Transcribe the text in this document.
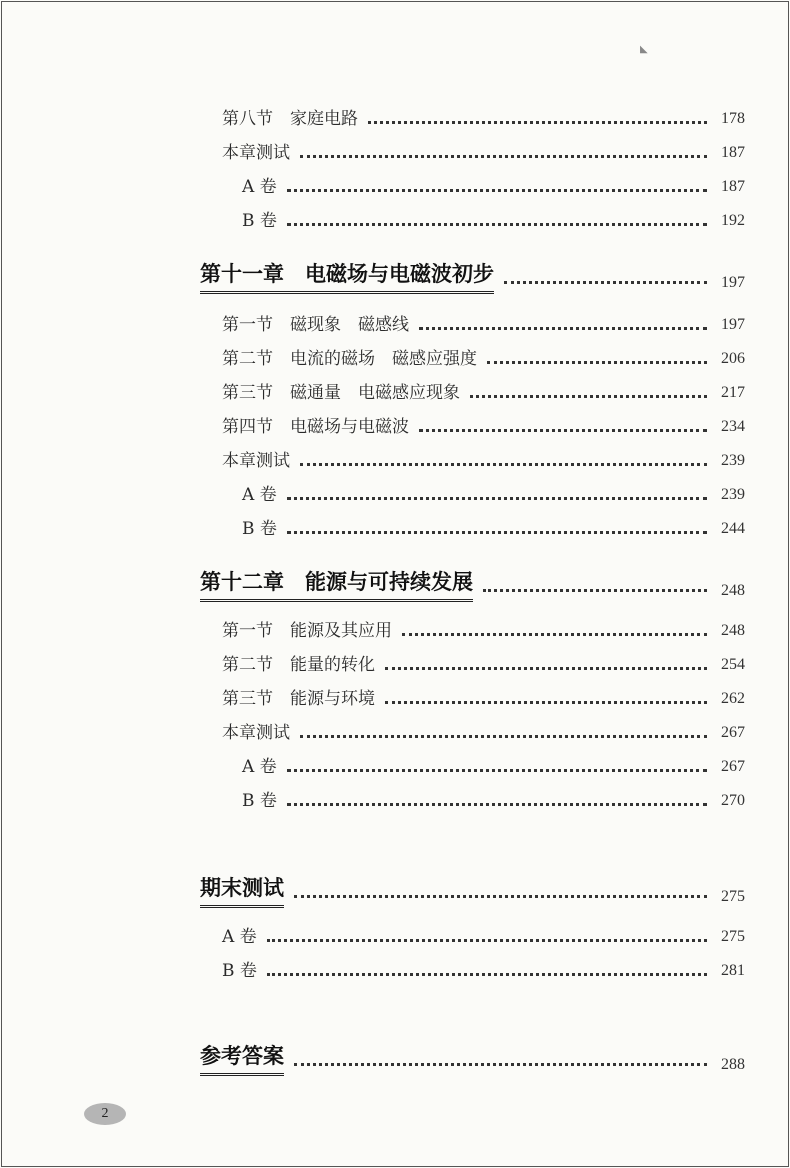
◣
第八节　家庭电路	178
本章测试	187
A 卷	187
B 卷	192
第十一章　电磁场与电磁波初步	197
第一节　磁现象　磁感线	197
第二节　电流的磁场　磁感应强度	206
第三节　磁通量　电磁感应现象	217
第四节　电磁场与电磁波	234
本章测试	239
A 卷	239
B 卷	244
第十二章　能源与可持续发展	248
第一节　能源及其应用	248
第二节　能量的转化	254
第三节　能源与环境	262
本章测试	267
A 卷	267
B 卷	270
期末测试	275
A 卷	275
B 卷	281
参考答案	288
2
